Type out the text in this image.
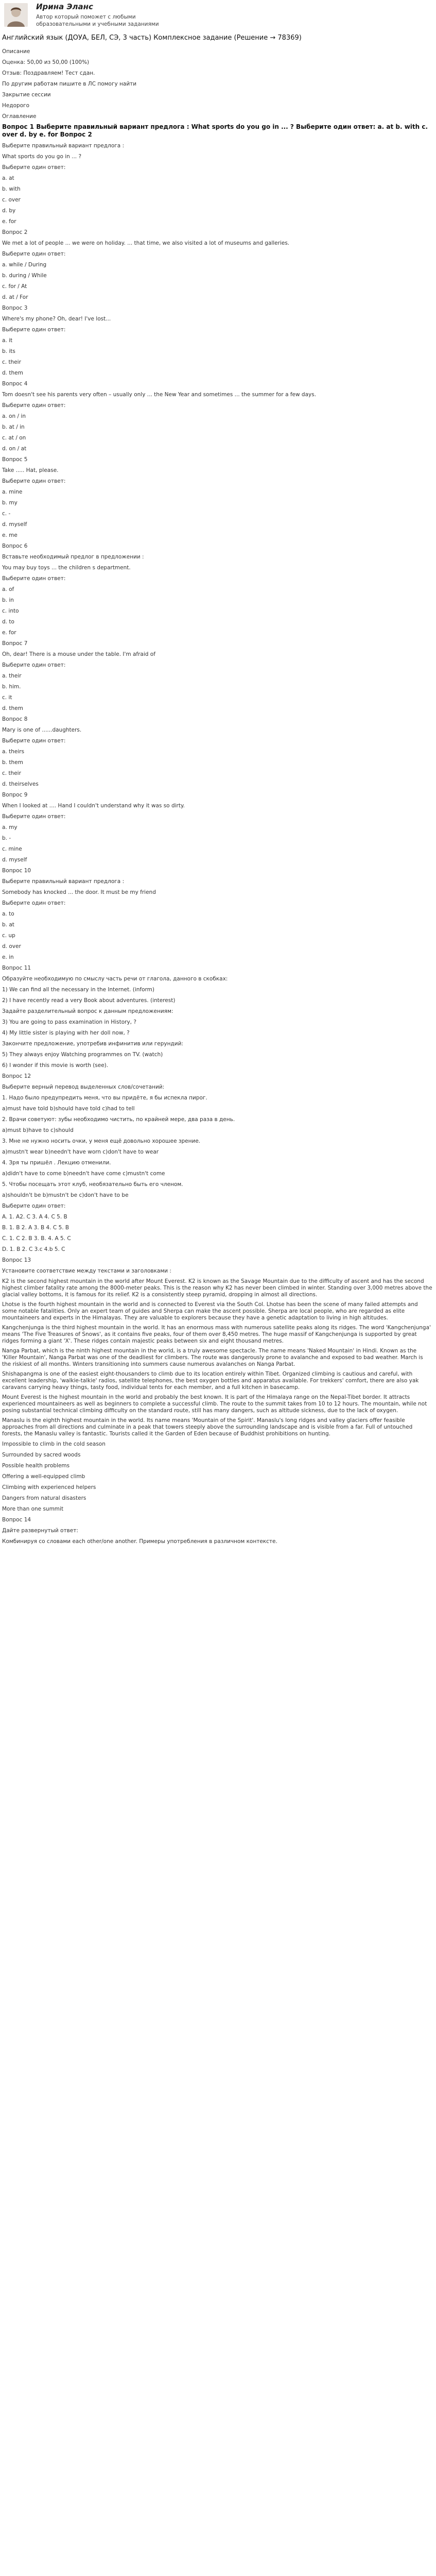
Ирина Эланс
Автор который поможет с любыми образовательными и учебными заданиями
Английский язык (ДОУА, БЕЛ, СЭ, 3 часть) Комплексное задание (Решение → 78369)
Описание
Оценка: 50,00 из 50,00 (100%)
Отзыв: Поздравляем! Тест сдан.
По другим работам пишите в ЛС помогу найти
Закрытие сессии
Недорого
Оглавление
Вопрос 1 Выберите правильный вариант предлога : What sports do you go in ... ? Выберите один ответ: a. at b. with c. over d. by e. for Вопрос 2
Выберите правильный вариант предлога :
What sports do you go in ... ?
Выберите один ответ:
a. at
b. with
c. over
d. by
e. for
Вопрос 2
We met a lot of people ... we were on holiday. ... that time, we also visited a lot of museums and galleries.
Выберите один ответ:
a. while / During
b. during / While
c. for / At
d. at / For
Вопрос 3
Where's my phone? Oh, dear! I've lost...
Выберите один ответ:
a. it
b. its
c. their
d. them
Вопрос 4
Tom doesn't see his parents very often – usually only ... the New Year and sometimes ... the summer for a few days.
Выберите один ответ:
a. on / in
b. at / in
c. at / on
d. on / at
Вопрос 5
Take ..... Hat, please.
Выберите один ответ:
a. mine
b. my
c. -
d. myself
e. me
Вопрос 6
Вставьте необходимый предлог в предложении :
You may buy toys ... the children s department.
Выберите один ответ:
a. of
b. in
c. into
d. to
e. for
Вопрос 7
Oh, dear! There is a mouse under the table. I'm afraid of
Выберите один ответ:
a. their
b. him.
c. it
d. them
Вопрос 8
Mary is one of ......daughters.
Выберите один ответ:
a. theirs
b. them
c. their
d. theirselves
Вопрос 9
When I looked at .... Hand I couldn't understand why it was so dirty.
Выберите один ответ:
a. my
b. -
c. mine
d. myself
Вопрос 10
Выберите правильный вариант предлога :
Somebody has knocked ... the door. It must be my friend
Выберите один ответ:
a. to
b. at
c. up
d. over
e. in
Вопрос 11
Образуйте необходимую по смыслу часть речи от глагола, данного в скобках:
1) We can find all the necessary in the Internet. (inform)
2) I have recently read a very Book about adventures. (interest)
Задайте разделительный вопрос к данным предложениям:
3) You are going to pass examination in History, ?
4) My little sister is playing with her doll now, ?
Закончите предложение, употребив инфинитив или герундий:
5) They always enjoy Watching programmes on TV. (watch)
6) I wonder if this movie is worth (see).
Вопрос 12
Выберите верный перевод выделенных слов/сочетаний:
1. Надо было предупредить меня, что вы придёте, я бы испекла пирог.
a)must have told b)should have told c)had to tell
2. Врачи советуют: зубы необходимо чистить, по крайней мере, два раза в день.
a)must b)have to c)should
3. Мне не нужно носить очки, у меня ещё довольно хорошее зрение.
a)mustn't wear b)needn't have worn c)don't have to wear
4. Зря ты пришёл . Лекцию отменили.
a)didn't have to come b)needn't have come c)mustn't come
5. Чтобы посещать этот клуб, необязательно быть его членом.
a)shouldn't be b)mustn't be c)don't have to be
Выберите один ответ:
A. 1. A2. C 3. A 4. C 5. B
B. 1. B 2. A 3. B 4. C 5. B
C. 1. C 2. B 3. B. 4. A 5. C
D. 1. B 2. C 3.c 4.b 5. C
Вопрос 13
Установите соответствие между текстами и заголовками :
K2 is the second highest mountain in the world after Mount Everest. K2 is known as the Savage Mountain due to the difficulty of ascent and has the second highest climber fatality rate among the 8000-meter peaks. This is the reason why K2 has never been climbed in winter. Standing over 3,000 metres above the glacial valley bottoms, it is famous for its relief. K2 is a consistently steep pyramid, dropping in almost all directions.
Lhotse is the fourth highest mountain in the world and is connected to Everest via the South Col. Lhotse has been the scene of many failed attempts and some notable fatalities. Only an expert team of guides and Sherpa can make the ascent possible. Sherpa are local people, who are regarded as elite mountaineers and experts in the Himalayas. They are valuable to explorers because they have a genetic adaptation to living in high altitudes.
Kangchenjunga is the third highest mountain in the world. It has an enormous mass with numerous satellite peaks along its ridges. The word 'Kangchenjunga' means 'The Five Treasures of Snows', as it contains five peaks, four of them over 8,450 metres. The huge massif of Kangchenjunga is supported by great ridges forming a giant 'X'. These ridges contain majestic peaks between six and eight thousand metres.
Nanga Parbat, which is the ninth highest mountain in the world, is a truly awesome spectacle. The name means 'Naked Mountain' in Hindi. Known as the 'Killer Mountain', Nanga Parbat was one of the deadliest for climbers. The route was dangerously prone to avalanche and exposed to bad weather. March is the riskiest of all months. Winters transitioning into summers cause numerous avalanches on Nanga Parbat.
Shishapangma is one of the easiest eight-thousanders to climb due to its location entirely within Tibet. Organized climbing is cautious and careful, with excellent leadership, 'walkie-talkie' radios, satellite telephones, the best oxygen bottles and apparatus available. For trekkers' comfort, there are also yak caravans carrying heavy things, tasty food, individual tents for each member, and a full kitchen in basecamp.
Mount Everest is the highest mountain in the world and probably the best known. It is part of the Himalaya range on the Nepal-Tibet border. It attracts experienced mountaineers as well as beginners to complete a successful climb. The route to the summit takes from 10 to 12 hours. The mountain, while not posing substantial technical climbing difficulty on the standard route, still has many dangers, such as altitude sickness, due to the lack of oxygen.
Manaslu is the eighth highest mountain in the world. Its name means 'Mountain of the Spirit'. Manaslu's long ridges and valley glaciers offer feasible approaches from all directions and culminate in a peak that towers steeply above the surrounding landscape and is visible from a far. Full of untouched forests, the Manaslu valley is fantastic. Tourists called it the Garden of Eden because of Buddhist prohibitions on hunting.
Impossible to climb in the cold season
Surrounded by sacred woods
Possible health problems
Offering a well-equipped climb
Climbing with experienced helpers
Dangers from natural disasters
More than one summit
Вопрос 14
Дайте развернутый ответ:
Комбинируя со словами each other/one another. Примеры употребления в различном контексте.
